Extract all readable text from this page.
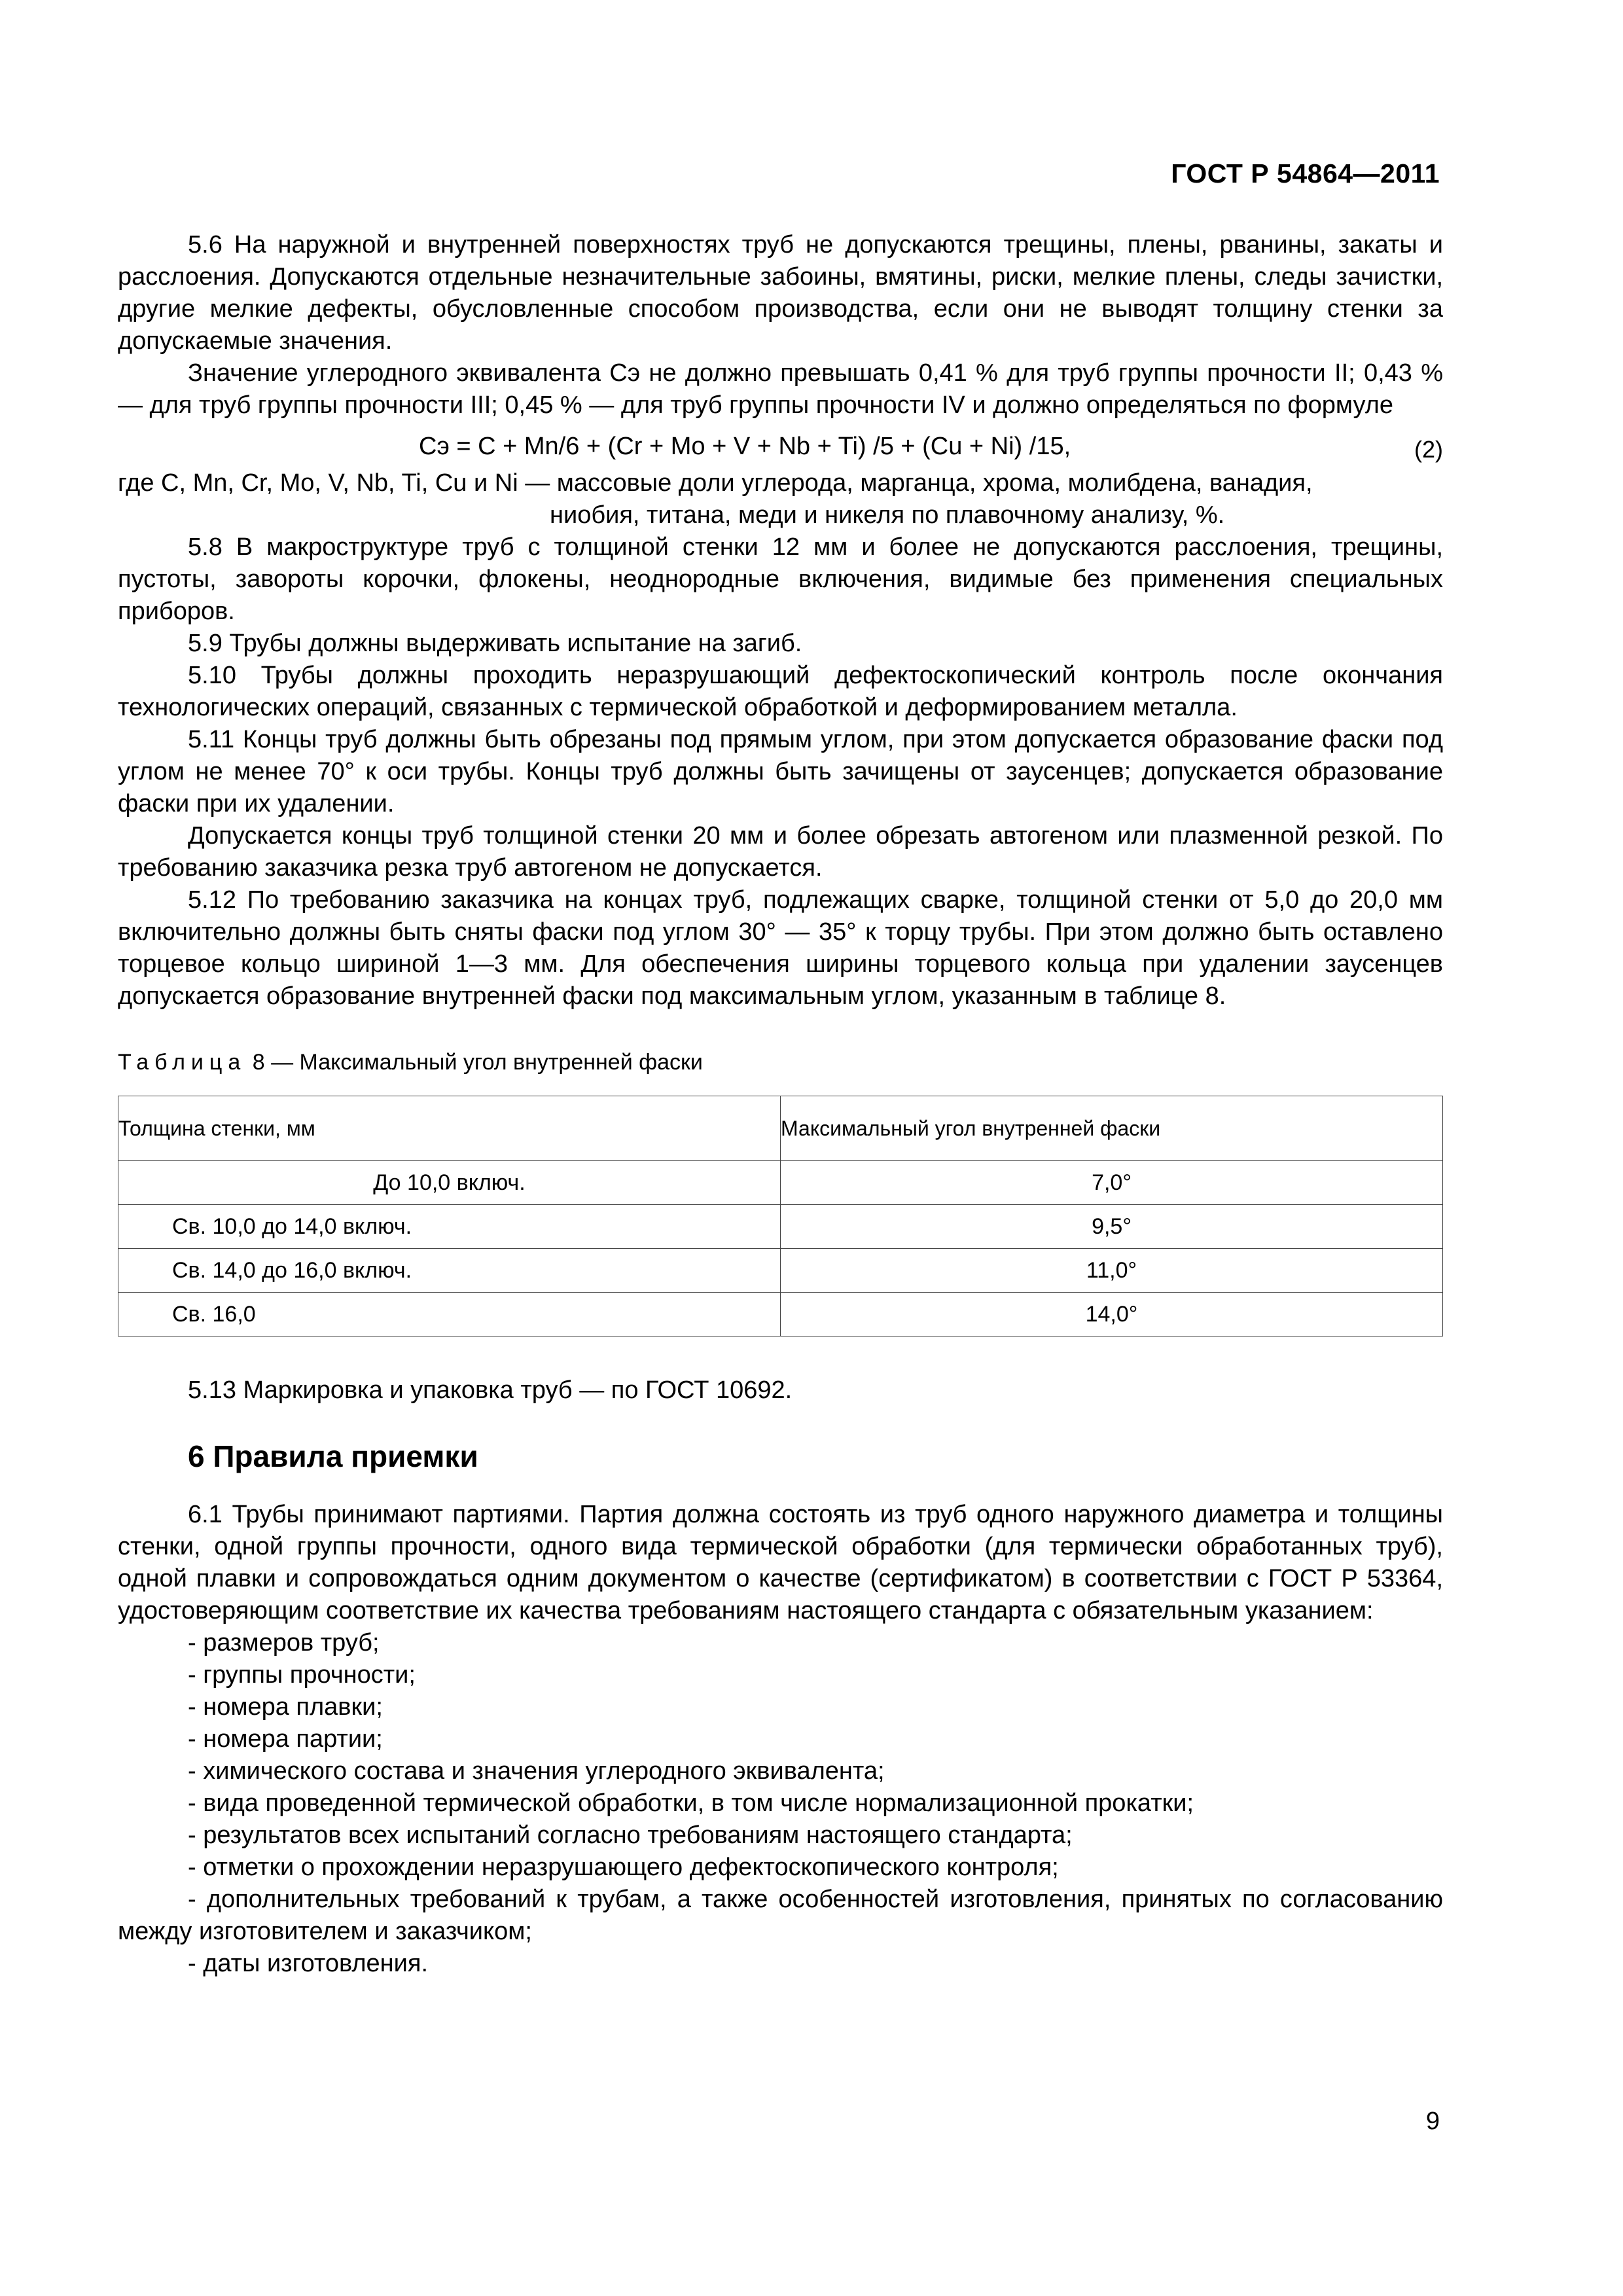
ГОСТ Р 54864—2011

5.6 На наружной и внутренней поверхностях труб не допускаются трещины, плены, рванины, закаты и расслоения. Допускаются отдельные незначительные забоины, вмятины, риски, мелкие плены, следы зачистки, другие мелкие дефекты, обусловленные способом производства, если они не выводят толщину стенки за допускаемые значения.

Значение углеродного эквивалента Сэ не должно превышать 0,41 % для труб группы прочности II; 0,43 % — для труб группы прочности III; 0,45 % — для труб группы прочности IV и должно определяться по формуле

Сэ = С + Mn/6 + (Cr + Mo + V + Nb + Ti) /5 + (Cu + Ni) /15,	(2)

где С, Mn, Cr, Mo, V, Nb, Ti, Cu и Ni — массовые доли углерода, марганца, хрома, молибдена, ванадия,

ниобия, титана, меди и никеля по плавочному анализу, %.

5.8 В макроструктуре труб с толщиной стенки 12 мм и более не допускаются расслоения, трещины, пустоты, завороты корочки, флокены, неоднородные включения, видимые без применения специальных приборов.

5.9 Трубы должны выдерживать испытание на загиб.

5.10 Трубы должны проходить неразрушающий дефектоскопический контроль после окончания технологических операций, связанных с термической обработкой и деформированием металла.

5.11 Концы труб должны быть обрезаны под прямым углом, при этом допускается образование фаски под углом не менее 70° к оси трубы. Концы труб должны быть зачищены от заусенцев; допускается образование фаски при их удалении.

Допускается концы труб толщиной стенки 20 мм и более обрезать автогеном или плазменной резкой. По требованию заказчика резка труб автогеном не допускается.

5.12 По требованию заказчика на концах труб, подлежащих сварке, толщиной стенки от 5,0 до 20,0 мм включительно должны быть сняты фаски под углом 30° — 35° к торцу трубы. При этом должно быть оставлено торцевое кольцо шириной 1—3 мм. Для обеспечения ширины торцевого кольца при удалении заусенцев допускается образование внутренней фаски под максимальным углом, указанным в таблице 8.

Таблица 8 — Максимальный угол внутренней фаски

Толщина стенки, мм	Максимальный угол внутренней фаски
До 10,0 включ.	7,0°
Св. 10,0 до 14,0 включ.	9,5°
Св. 14,0 до 16,0 включ.	11,0°
Св. 16,0	14,0°

5.13 Маркировка и упаковка труб — по ГОСТ 10692.

6 Правила приемки

6.1 Трубы принимают партиями. Партия должна состоять из труб одного наружного диаметра и толщины стенки, одной группы прочности, одного вида термической обработки (для термически обработанных труб), одной плавки и сопровождаться одним документом о качестве (сертификатом) в соответствии с ГОСТ Р 53364, удостоверяющим соответствие их качества требованиям настоящего стандарта с обязательным указанием:

- размеров труб;
- группы прочности;
- номера плавки;
- номера партии;
- химического состава и значения углеродного эквивалента;
- вида проведенной термической обработки, в том числе нормализационной прокатки;
- результатов всех испытаний согласно требованиям настоящего стандарта;
- отметки о прохождении неразрушающего дефектоскопического контроля;
- дополнительных требований к трубам, а также особенностей изготовления, принятых по согласованию между изготовителем и заказчиком;
- даты изготовления.
9
